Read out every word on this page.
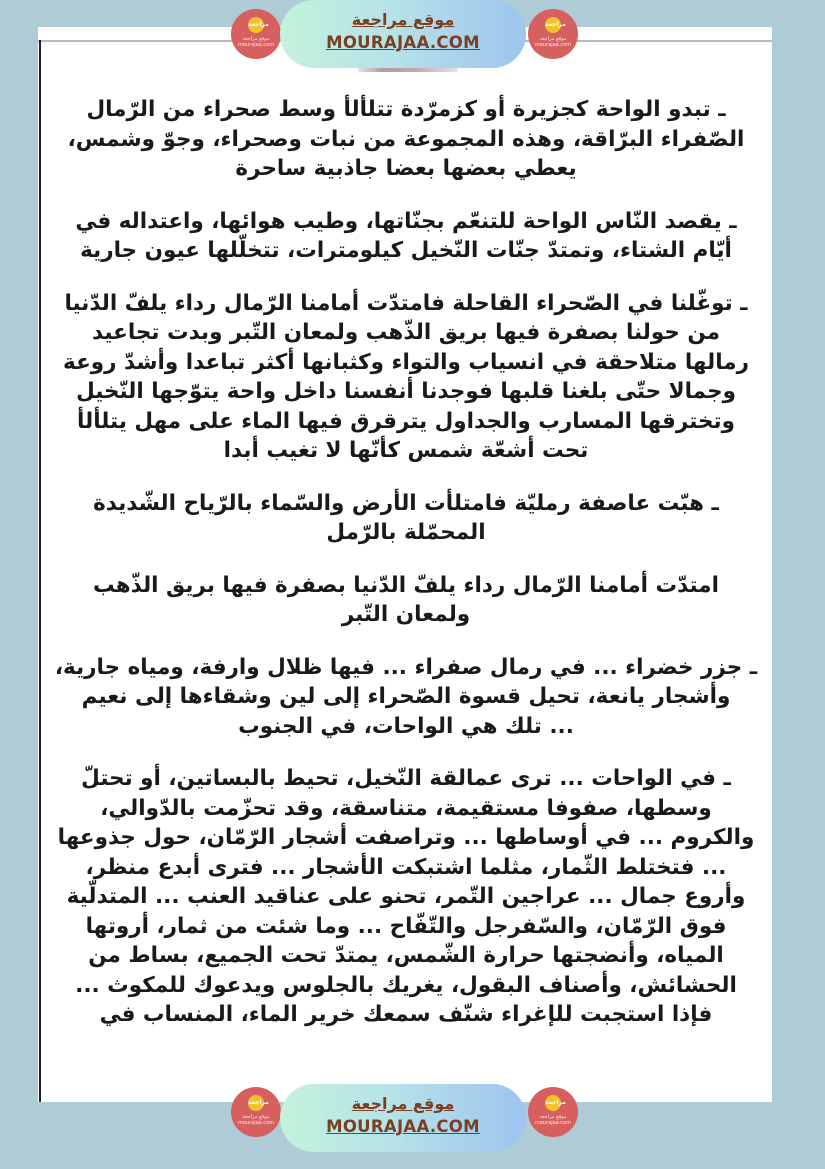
ـ تبدو الواحة كجزيرة أو كزمرّدة تتلألأ وسط صحراء من الرّمال
الصّفراء البرّاقة، وهذه المجموعة من نبات وصحراء، وجوّ وشمس،
يعطي بعضها بعضا جاذبية ساحرة

ـ يقصد النّاس الواحة للتنعّم بجنّاتها، وطيب هوائها، واعتداله في
أيّام الشتاء، وتمتدّ جنّات النّخيل كيلومترات، تتخلّلها عيون جارية

ـ توغّلنا في الصّحراء القاحلة فامتدّت أمامنا الرّمال رداء يلفّ الدّنيا
من حولنا بصفرة فيها بريق الذّهب ولمعان التّبر وبدت تجاعيد
رمالها متلاحقة في انسياب والتواء وكثبانها أكثر تباعدا وأشدّ روعة
وجمالا حتّى بلغنا قلبها فوجدنا أنفسنا داخل واحة يتوّجها النّخيل
وتخترقها المسارب والجداول يترقرق فيها الماء على مهل يتلألأ
تحت أشعّة شمس كأنّها لا تغيب أبدا

ـ هبّت عاصفة رمليّة فامتلأت الأرض والسّماء بالرّياح الشّديدة
المحمّلة بالرّمل

امتدّت أمامنا الرّمال رداء يلفّ الدّنيا بصفرة فيها بريق الذّهب
ولمعان التّبر

ـ جزر خضراء ... في رمال صفراء ... فيها ظلال وارفة، ومياه جارية،
وأشجار يانعة، تحيل قسوة الصّحراء إلى لين وشقاءها إلى نعيم
... تلك هي الواحات، في الجنوب

ـ في الواحات ... ترى عمالقة النّخيل، تحيط بالبساتين، أو تحتلّ
وسطها، صفوفا مستقيمة، متناسقة، وقد تحزّمت بالدّوالي،
والكروم ... في أوساطها ... وتراصفت أشجار الرّمّان، حول جذوعها
... فتختلط الثّمار، مثلما اشتبكت الأشجار ... فترى أبدع منظر،
وأروع جمال ... عراجين التّمر، تحنو على عناقيد العنب ... المتدلّية
فوق الرّمّان، والسّفرجل والتّفّاح ... وما شئت من ثمار، أروتها
المياه، وأنضجتها حرارة الشّمس، يمتدّ تحت الجميع، بساط من
الحشائش، وأصناف البقول، يغريك بالجلوس ويدعوك للمكوث ...
فإذا استجبت للإغراء شنّف سمعك خرير الماء، المنساب في

ﻣﺮﺍﺟﻌﺔ
موقع مراجعة mourajaa.com
موقع مراجعة
MOURAJAA.COM
ﻣﺮﺍﺟﻌﺔ
موقع مراجعة mourajaa.com
ﻣﺮﺍﺟﻌﺔ
موقع مراجعة mourajaa.com
موقع مراجعة
MOURAJAA.COM
ﻣﺮﺍﺟﻌﺔ
موقع مراجعة mourajaa.com
